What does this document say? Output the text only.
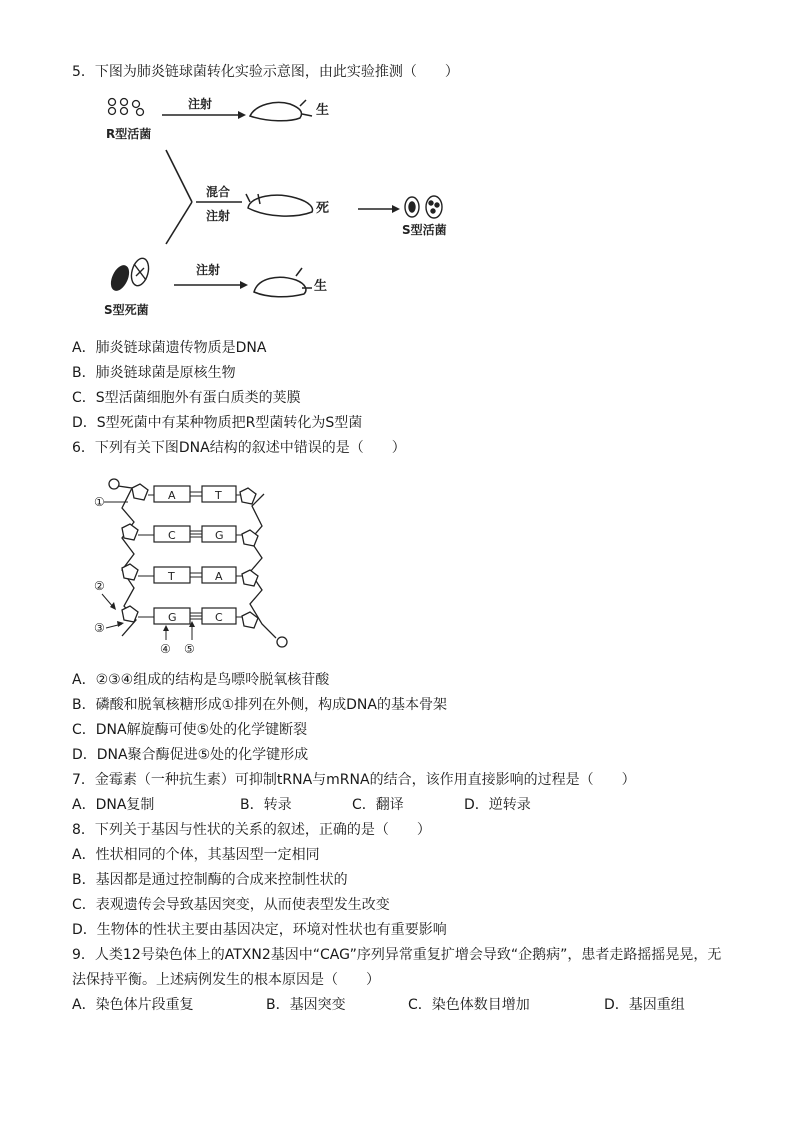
5．下图为肺炎链球菌转化实验示意图，由此实验推测（　　）
R型活菌
注射	生
混合
注射	死
S型活菌
S型死菌
注射
生
A．肺炎链球菌遗传物质是DNA
B．肺炎链球菌是原核生物
C．S型活菌细胞外有蛋白质类的荚膜
D．S型死菌中有某种物质把R型菌转化为S型菌
6．下列有关下图DNA结构的叙述中错误的是（　　）
A	T
C	G
T	A
G	C
①
②
③
④ ⑤
A．②③④组成的结构是鸟嘌呤脱氧核苷酸
B．磷酸和脱氧核糖形成①排列在外侧，构成DNA的基本骨架
C．DNA解旋酶可使⑤处的化学键断裂
D．DNA聚合酶促进⑤处的化学键形成
7．金霉素（一种抗生素）可抑制tRNA与mRNA的结合，该作用直接影响的过程是（　　）
A．DNA复制	B．转录	C．翻译	D．逆转录
8．下列关于基因与性状的关系的叙述，正确的是（　　）
A．性状相同的个体，其基因型一定相同
B．基因都是通过控制酶的合成来控制性状的
C．表观遗传会导致基因突变，从而使表型发生改变
D．生物体的性状主要由基因决定，环境对性状也有重要影响
9．人类12号染色体上的ATXN2基因中“CAG”序列异常重复扩增会导致“企鹅病”，患者走路摇摇晃晃，无
法保持平衡。上述病例发生的根本原因是（　　）
A．染色体片段重复	B．基因突变	C．染色体数目增加	D．基因重组
